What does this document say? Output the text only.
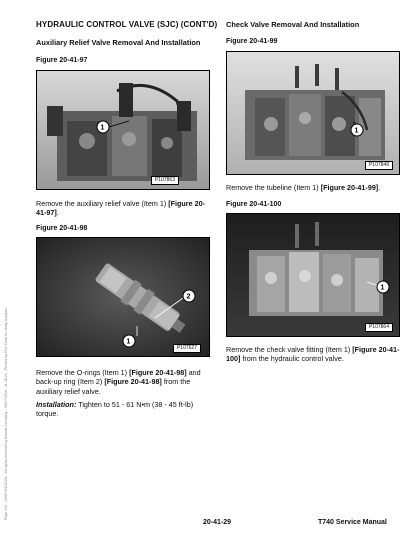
HYDRAULIC CONTROL VALVE (SJC) (CONT'D)
Auxiliary Relief Valve Removal And Installation
Figure 20-41-97
1
P107863
Remove the auxiliary relief valve (Item 1) [Figure 20-41-97].
Figure 20-41-98
2
1
P107627
Remove the O-rings (Item 1) [Figure 20-41-98] and back-up ring (Item 2) [Figure 20-41-98] from the auxiliary relief valve.
Installation: Tighten to 51 - 61 N•m (38 - 45 ft-lb) torque.
Check Valve Removal And Installation
Figure 20-41-99
1
P107848
Remove the tubeline (Item 1) [Figure 20-41-99].
Figure 20-41-100
1
P107864
Remove the check valve fitting (Item 1) [Figure 20-41-100] from the hydraulic control valve.
Page 213 - 2008 03161201 - All rights reserved by Bobcat Company - 06/17/2010 - 11:38:23 - Printed by Ron Cook for study analysis
20-41-29	T740 Service Manual
